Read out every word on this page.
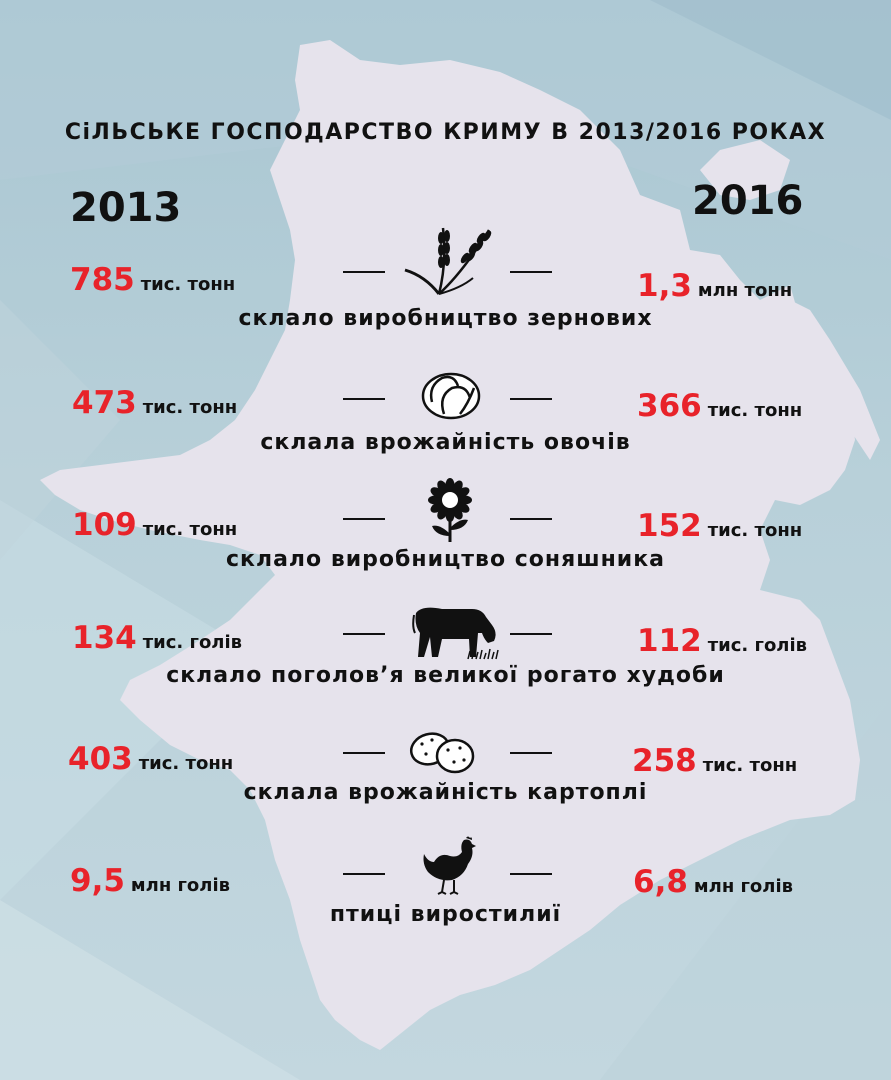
СіЛЬСЬКЕ ГОСПОДАРСТВО КРИМУ В 2013/2016 РОКАХ
2013	2016
785 тис. тонн	1,3 млн тонн
склало виробництво зернових
473 тис. тонн	366 тис. тонн
склала врожайність овочів
109 тис. тонн	152 тис. тонн
склало виробництво соняшника
134 тис. голів	112 тис. голів
склало поголов’я великої рогато худоби
403 тис. тонн	258 тис. тонн
склала врожайність картоплі
9,5 млн голів	6,8 млн голів
птиці виростилиї
